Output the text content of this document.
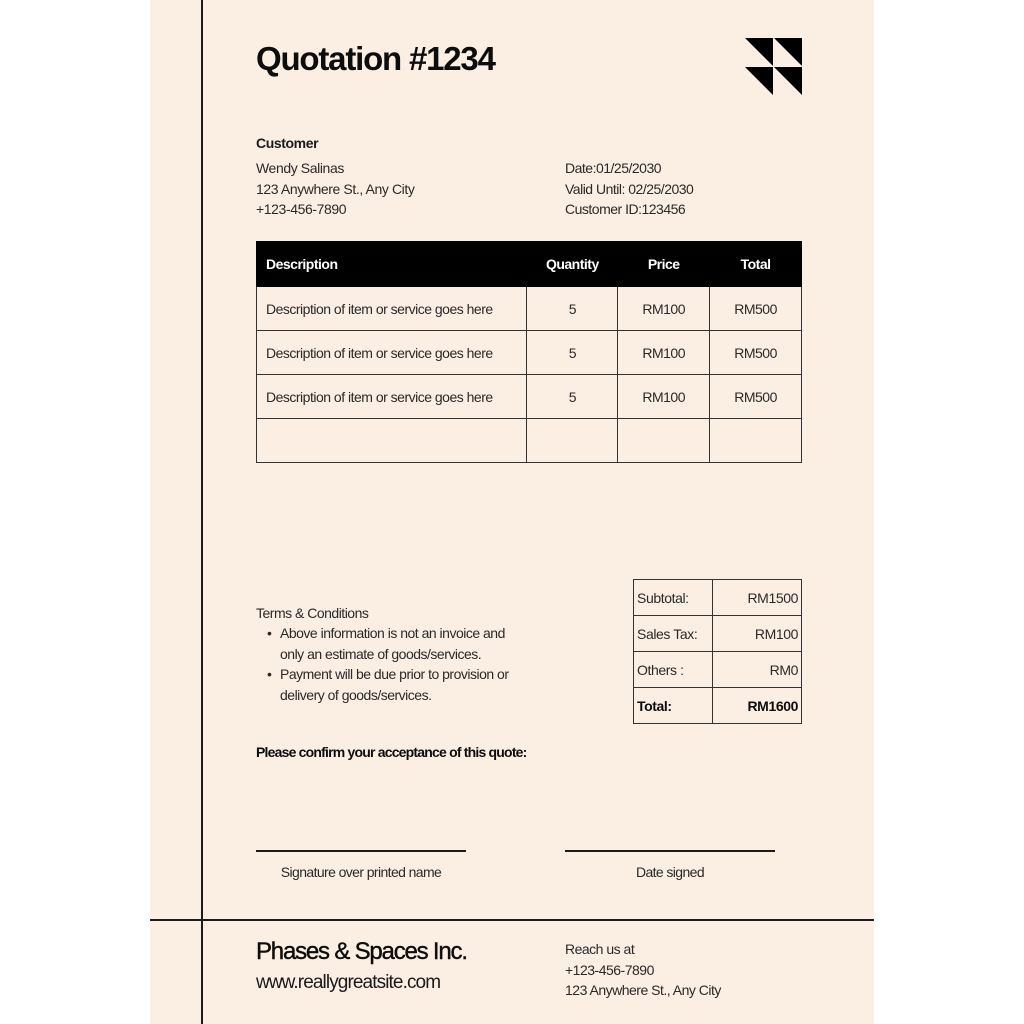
Quotation #1234
Customer
Wendy Salinas
123 Anywhere St., Any City
+123-456-7890
Date:01/25/2030
Valid Until: 02/25/2030
Customer ID:123456
Description	Quantity	Price	Total
Description of item or service goes here	5	RM100	RM500
Description of item or service goes here	5	RM100	RM500
Description of item or service goes here	5	RM100	RM500

Terms & Conditions
• Above information is not an invoice and only an estimate of goods/services.
• Payment will be due prior to provision or delivery of goods/services.
Subtotal:	RM1500
Sales Tax:	RM100
Others :	RM0
Total:	RM1600
Please confirm your acceptance of this quote:
Signature over printed name	Date signed
Phases & Spaces Inc.
www.reallygreatsite.com
Reach us at
+123-456-7890
123 Anywhere St., Any City
